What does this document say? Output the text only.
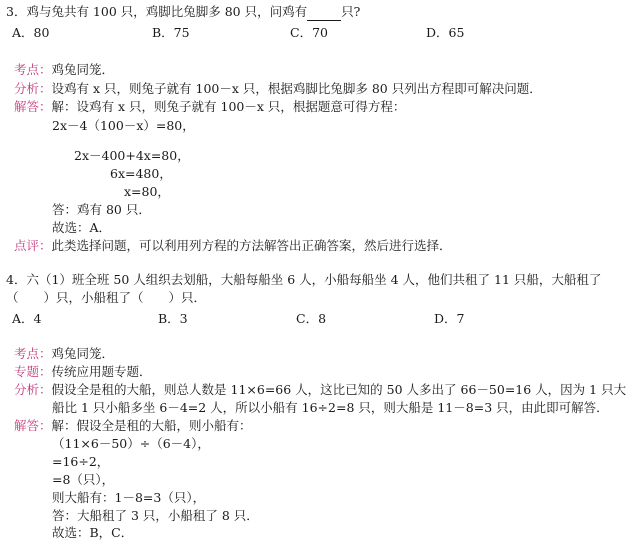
3．鸡与兔共有 100 只，鸡脚比兔脚多 80 只，问鸡有	只?
A．80	B．75	C．70	D．65
考点：鸡兔同笼．
分析：设鸡有 x 只，则兔子就有 100－x 只，根据鸡脚比兔脚多 80 只列出方程即可解决问题．
解答：解：设鸡有 x 只，则兔子就有 100－x 只，根据题意可得方程：
2x－4（100－x）=80，
2x－400+4x=80，
6x=480，
x=80，
答：鸡有 80 只．
故选：A．
点评：此类选择问题，可以利用列方程的方法解答出正确答案，然后进行选择．
4．六（1）班全班 50 人组织去划船，大船每船坐 6 人，小船每船坐 4 人，他们共租了 11 只船，大船租了
（　　）只，小船租了（　　）只．
A．4	B．3	C．8	D．7
考点：鸡兔同笼．
专题：传统应用题专题．
分析：假设全是租的大船，则总人数是 11×6=66 人，这比已知的 50 人多出了 66－50=16 人，因为 1 只大
船比 1 只小船多坐 6－4=2 人，所以小船有 16÷2=8 只，则大船是 11－8=3 只，由此即可解答．
解答：解：假设全是租的大船，则小船有：
（11×6－50）÷（6－4），
=16÷2，
=8（只），
则大船有：1－8=3（只），
答：大船租了 3 只，小船租了 8 只．
故选：B，C．
